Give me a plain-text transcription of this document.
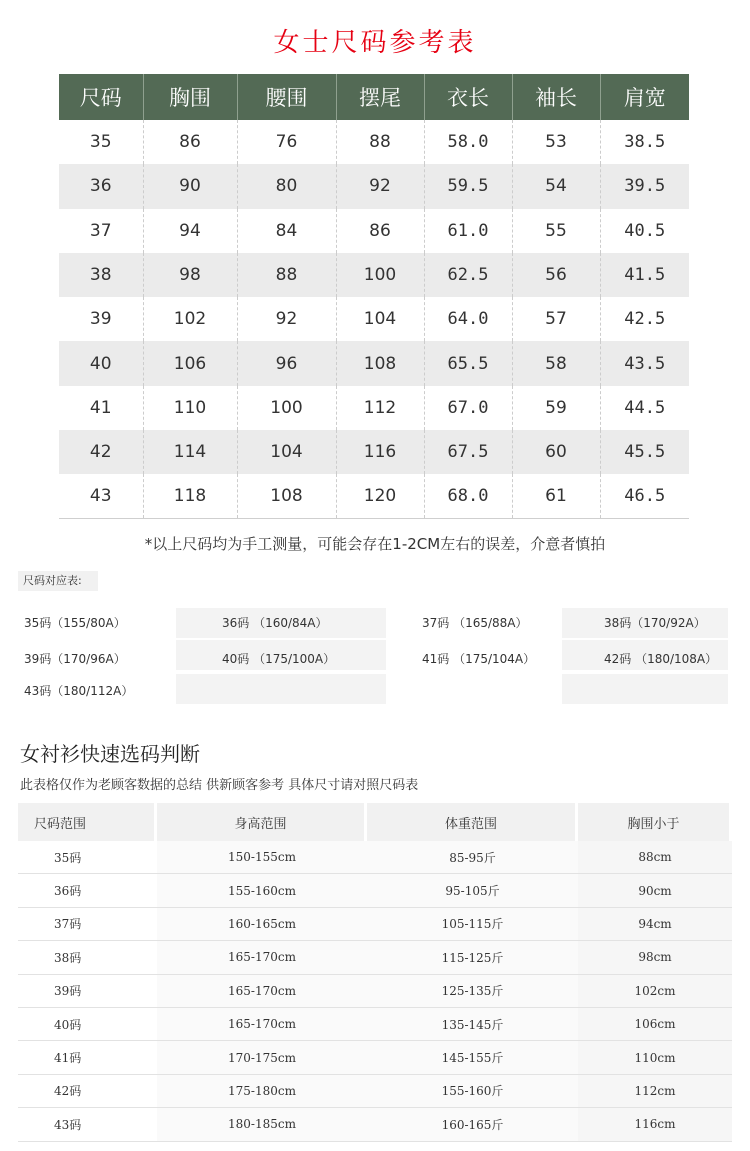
女士尺码参考表
尺码	胸围	腰围	摆尾	衣长	袖长	肩宽
35	86	76	88	58.0	53	38.5
36	90	80	92	59.5	54	39.5
37	94	84	86	61.0	55	40.5
38	98	88	100	62.5	56	41.5
39	102	92	104	64.0	57	42.5
40	106	96	108	65.5	58	43.5
41	110	100	112	67.0	59	44.5
42	114	104	116	67.5	60	45.5
43	118	108	120	68.0	61	46.5
*以上尺码均为手工测量，可能会存在1-2CM左右的误差，介意者慎拍
尺码对应表:
35码（155/80A）	36码 （160/84A）	37码 （165/88A）	38码（170/92A）
39码（170/96A）	40码 （175/100A）	41码 （175/104A）	42码 （180/108A）
43码（180/112A）
女衬衫快速选码判断
此表格仅作为老顾客数据的总结 供新顾客参考 具体尺寸请对照尺码表
尺码范围	身高范围	体重范围	胸围小于
35码	150-155cm	85-95斤	88cm
36码	155-160cm	95-105斤	90cm
37码	160-165cm	105-115斤	94cm
38码	165-170cm	115-125斤	98cm
39码	165-170cm	125-135斤	102cm
40码	165-170cm	135-145斤	106cm
41码	170-175cm	145-155斤	110cm
42码	175-180cm	155-160斤	112cm
43码	180-185cm	160-165斤	116cm
